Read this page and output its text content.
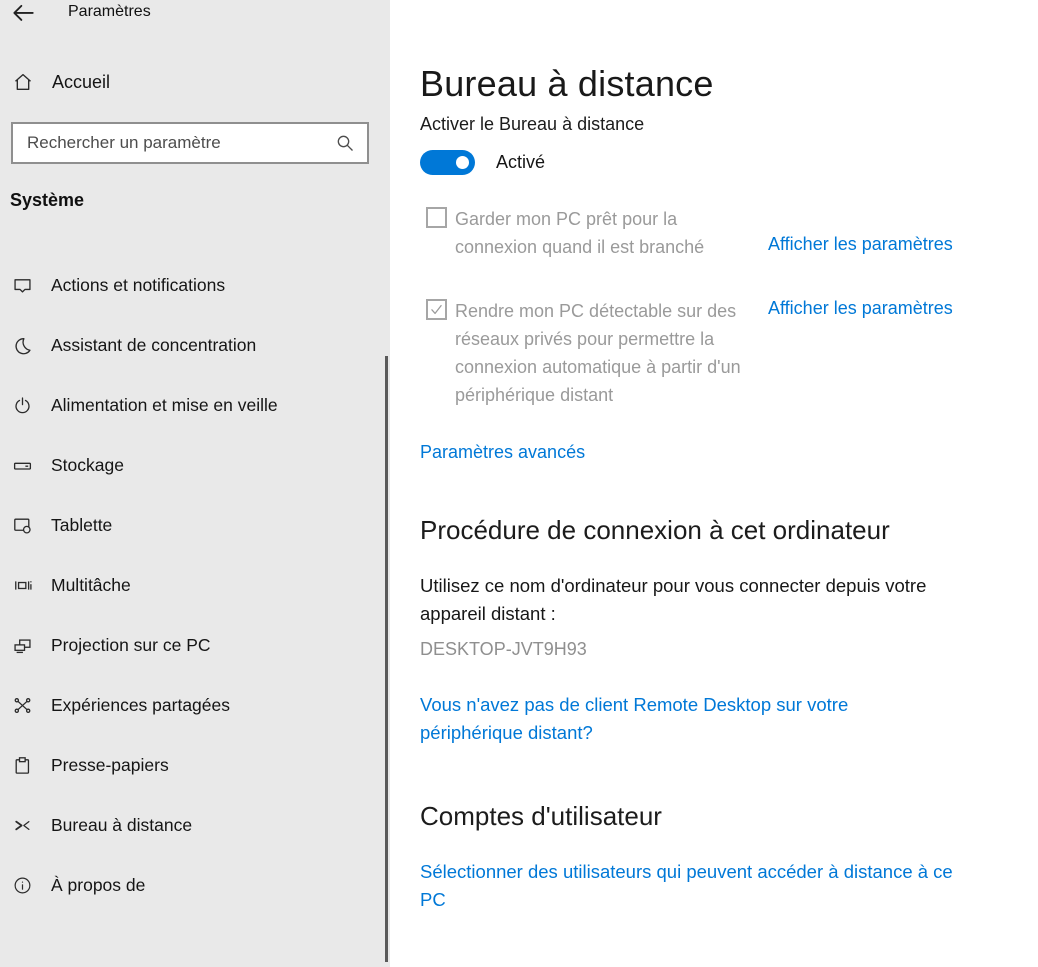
Paramètres
Accueil
Rechercher un paramètre
Système
Actions et notifications
Assistant de concentration
Alimentation et mise en veille
Stockage
Tablette
Multitâche
Projection sur ce PC
Expériences partagées
Presse-papiers
Bureau à distance
À propos de
Bureau à distance
Activer le Bureau à distance
Activé
Garder mon PC prêt pour la connexion quand il est branché	Afficher les paramètres
Rendre mon PC détectable sur des réseaux privés pour permettre la connexion automatique à partir d'un périphérique distant
Afficher les paramètres
Paramètres avancés
Procédure de connexion à cet ordinateur
Utilisez ce nom d'ordinateur pour vous connecter depuis votre appareil distant :
DESKTOP-JVT9H93
Vous n'avez pas de client Remote Desktop sur votre périphérique distant?
Comptes d'utilisateur
Sélectionner des utilisateurs qui peuvent accéder à distance à ce PC
